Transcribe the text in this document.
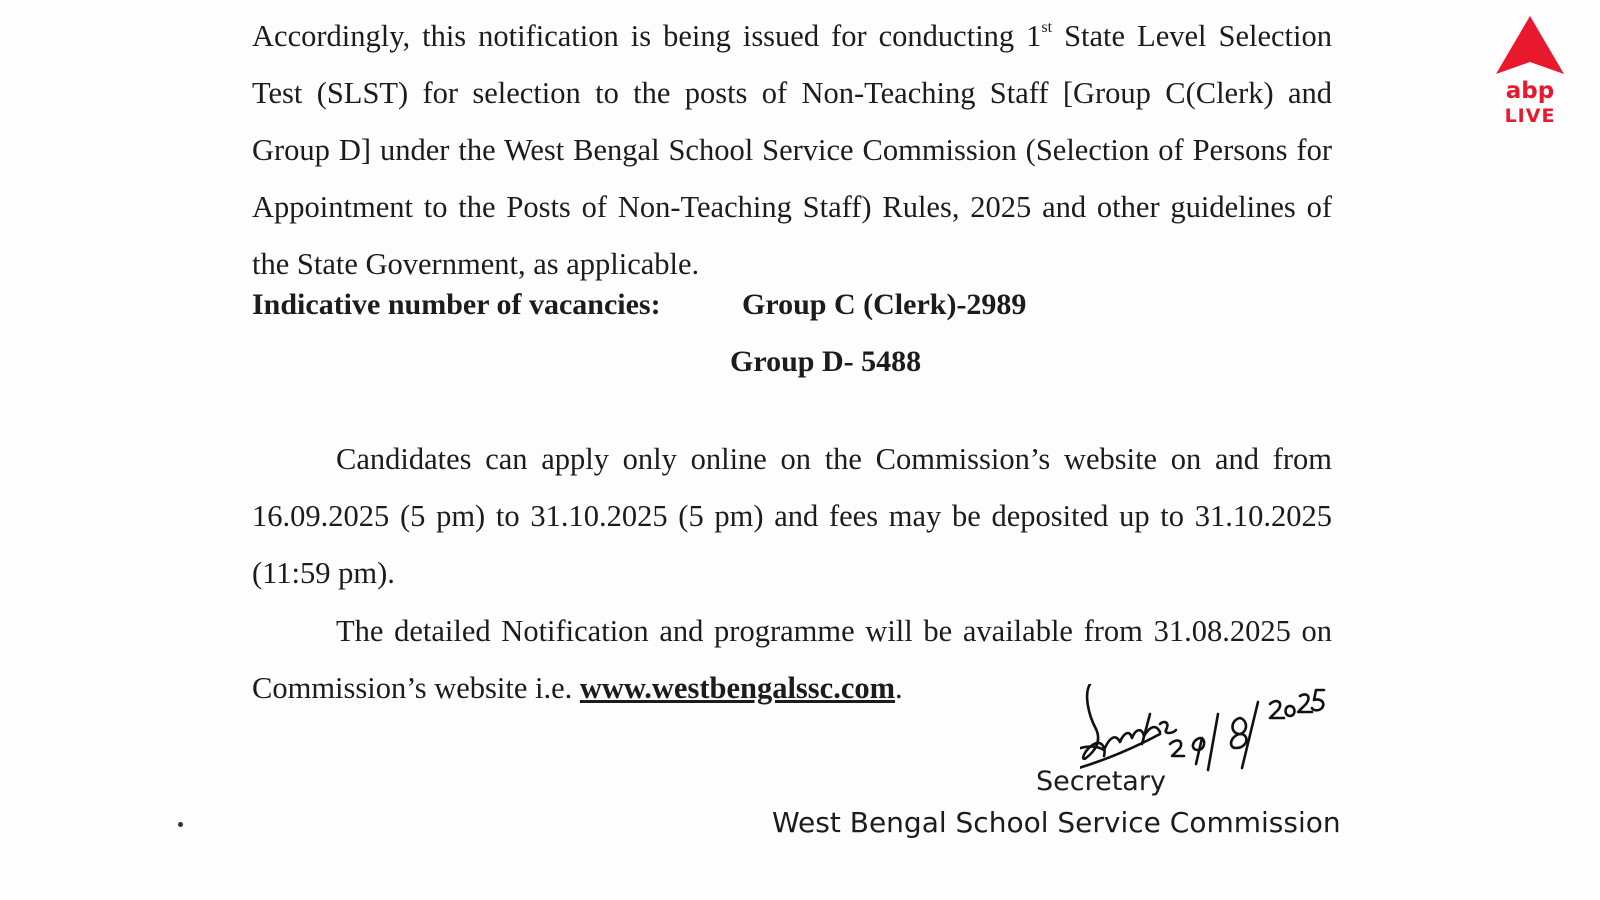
Accordingly, this notification is being issued for conducting 1st State Level Selection Test (SLST) for selection to the posts of Non-Teaching Staff [Group C(Clerk) and Group D] under the West Bengal School Service Commission (Selection of Persons for Appointment to the Posts of Non-Teaching Staff) Rules, 2025 and other guidelines of the State Government, as applicable.

Indicative number of vacancies:	Group C (Clerk)-2989
Group D- 5488

Candidates can apply only online on the Commission’s website on and from 16.09.2025 (5 pm) to 31.10.2025 (5 pm) and fees may be deposited up to 31.10.2025 (11:59 pm).

The detailed Notification and programme will be available from 31.08.2025 on Commission’s website i.e. www.westbengalssc.com.

Secretary
West Bengal School Service Commission
abp
LIVE
